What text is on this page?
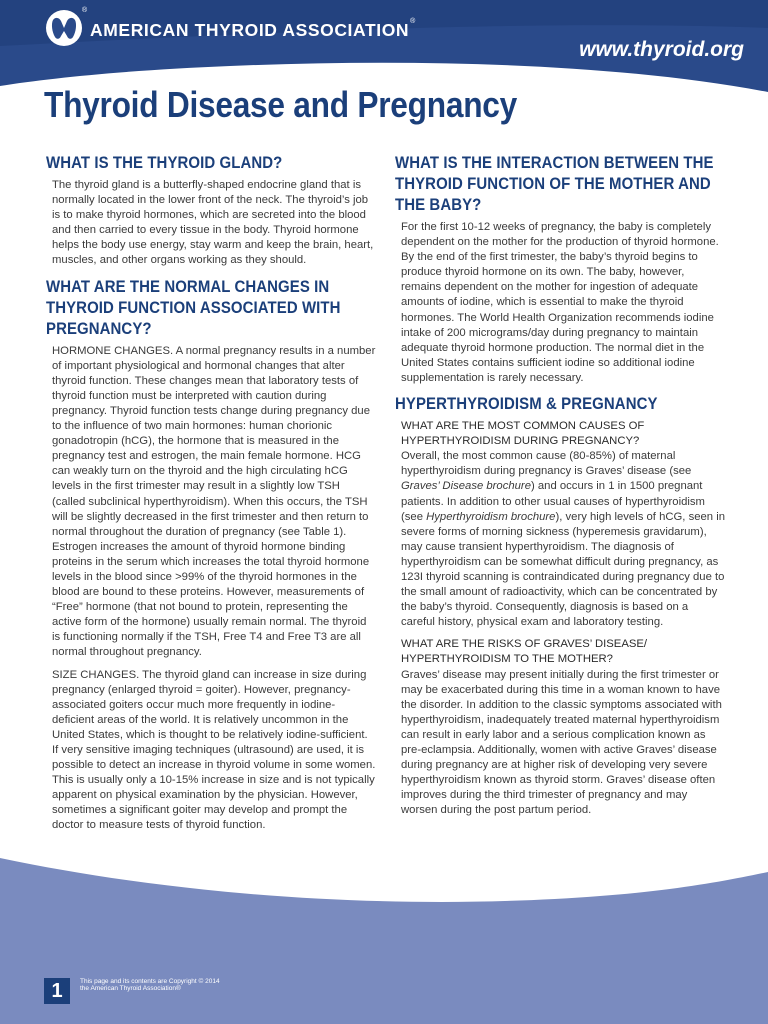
®
AMERICAN THYROID ASSOCIATION®
www.thyroid.org
Thyroid Disease and Pregnancy
WHAT IS THE THYROID GLAND?

The thyroid gland is a butterfly-shaped endocrine gland that is normally located in the lower front of the neck. The thyroid’s job is to make thyroid hormones, which are secreted into the blood and then carried to every tissue in the body. Thyroid hormone helps the body use energy, stay warm and keep the brain, heart, muscles, and other organs working as they should.

WHAT ARE THE NORMAL CHANGES IN THYROID FUNCTION ASSOCIATED WITH PREGNANCY?

HORMONE CHANGES. A normal pregnancy results in a number of important physiological and hormonal changes that alter thyroid function. These changes mean that laboratory tests of thyroid function must be interpreted with caution during pregnancy. Thyroid function tests change during pregnancy due to the influence of two main hormones: human chorionic gonadotropin (hCG), the hormone that is measured in the pregnancy test and estrogen, the main female hormone. HCG can weakly turn on the thyroid and the high circulating hCG levels in the first trimester may result in a slightly low TSH (called subclinical hyperthyroidism). When this occurs, the TSH will be slightly decreased in the first trimester and then return to normal throughout the duration of pregnancy (see Table 1). Estrogen increases the amount of thyroid hormone binding proteins in the serum which increases the total thyroid hormone levels in the blood since >99% of the thyroid hormones in the blood are bound to these proteins. However, measurements of “Free” hormone (that not bound to protein, representing the active form of the hormone) usually remain normal. The thyroid is functioning normally if the TSH, Free T4 and Free T3 are all normal throughout pregnancy.

SIZE CHANGES. The thyroid gland can increase in size during pregnancy (enlarged thyroid = goiter). However, pregnancy-associated goiters occur much more frequently in iodine-deficient areas of the world. It is relatively uncommon in the United States, which is thought to be relatively iodine-sufficient. If very sensitive imaging techniques (ultrasound) are used, it is possible to detect an increase in thyroid volume in some women. This is usually only a 10-15% increase in size and is not typically apparent on physical examination by the physician. However, sometimes a significant goiter may develop and prompt the doctor to measure tests of thyroid function.

WHAT IS THE INTERACTION BETWEEN THE THYROID FUNCTION OF THE MOTHER AND THE BABY?

For the first 10-12 weeks of pregnancy, the baby is completely dependent on the mother for the production of thyroid hormone. By the end of the first trimester, the baby’s thyroid begins to produce thyroid hormone on its own. The baby, however, remains dependent on the mother for ingestion of adequate amounts of iodine, which is essential to make the thyroid hormones. The World Health Organization recommends iodine intake of 200 micrograms/day during pregnancy to maintain adequate thyroid hormone production. The normal diet in the United States contains sufficient iodine so additional iodine supplementation is rarely necessary.

HYPERTHYROIDISM & PREGNANCY
WHAT ARE THE MOST COMMON CAUSES OF HYPERTHYROIDISM DURING PREGNANCY?

Overall, the most common cause (80-85%) of maternal hyperthyroidism during pregnancy is Graves’ disease (see Graves’ Disease brochure) and occurs in 1 in 1500 pregnant patients. In addition to other usual causes of hyperthyroidism (see Hyperthyroidism brochure), very high levels of hCG, seen in severe forms of morning sickness (hyperemesis gravidarum), may cause transient hyperthyroidism. The diagnosis of hyperthyroidism can be somewhat difficult during pregnancy, as 123I thyroid scanning is contraindicated during pregnancy due to the small amount of radioactivity, which can be concentrated by the baby’s thyroid. Consequently, diagnosis is based on a careful history, physical exam and laboratory testing.

WHAT ARE THE RISKS OF GRAVES’ DISEASE/ HYPERTHYROIDISM TO THE MOTHER?

Graves’ disease may present initially during the first trimester or may be exacerbated during this time in a woman known to have the disorder. In addition to the classic symptoms associated with hyperthyroidism, inadequately treated maternal hyperthyroidism can result in early labor and a serious complication known as pre-eclampsia. Additionally, women with active Graves’ disease during pregnancy are at higher risk of developing very severe hyperthyroidism known as thyroid storm. Graves’ disease often improves during the third trimester of pregnancy and may worsen during the post partum period.

1	This page and its contents are Copyright © 2014 the American Thyroid Association®
